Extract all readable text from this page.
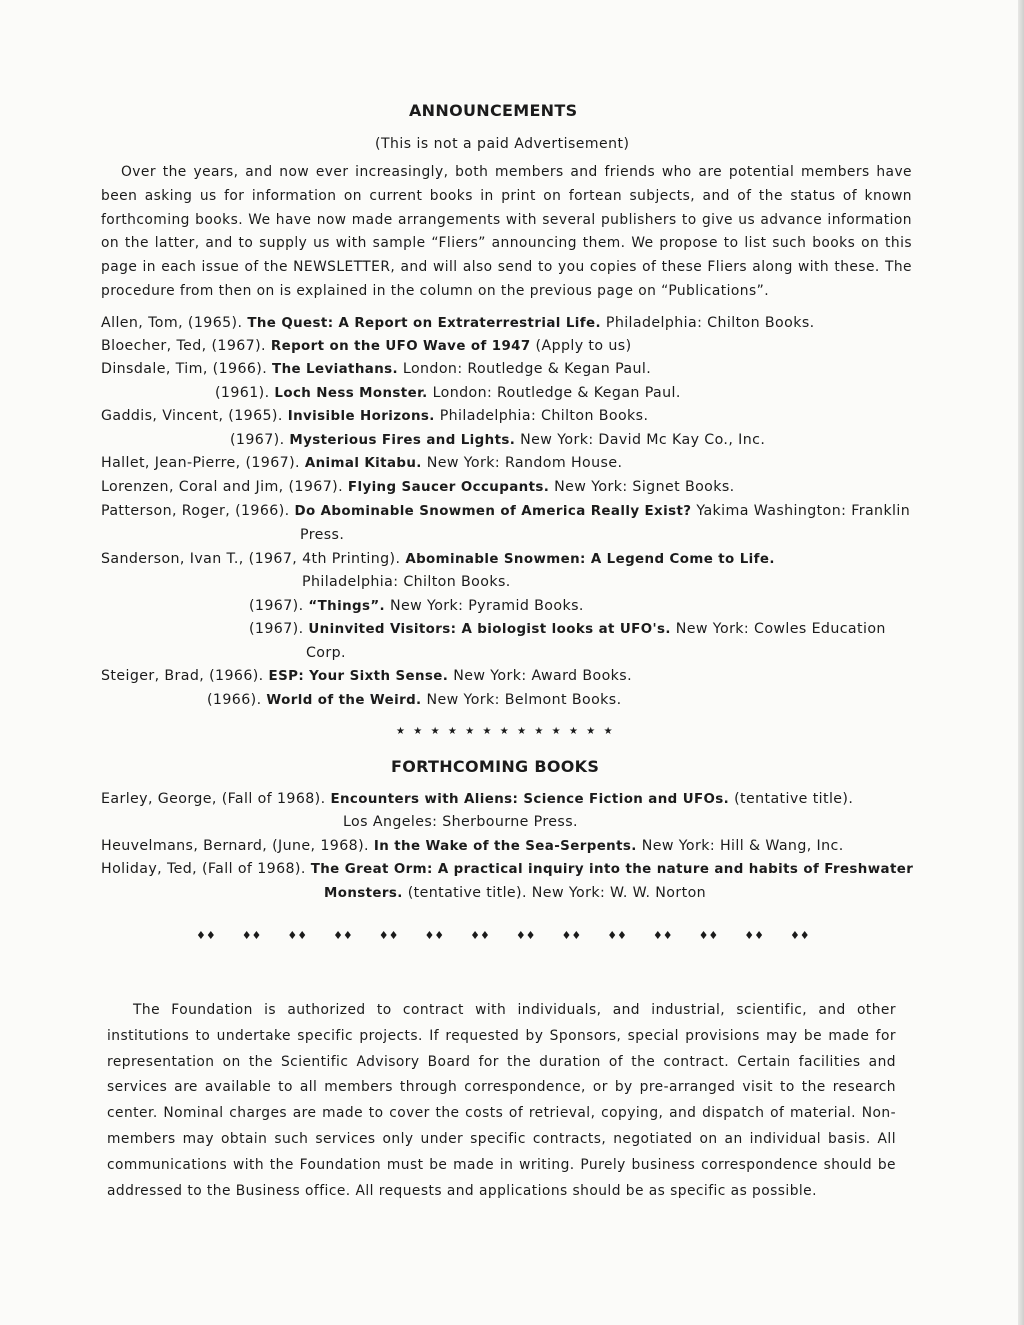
ANNOUNCEMENTS

(This is not a paid Advertisement)

Over the years, and now ever increasingly, both members and friends who are potential members have been asking us for information on current books in print on fortean subjects, and of the status of known forthcoming books. We have now made arrangements with several publishers to give us advance information on the latter, and to supply us with sample “Fliers” announcing them. We propose to list such books on this page in each issue of the NEWSLETTER, and will also send to you copies of these Fliers along with these. The procedure from then on is explained in the column on the previous page on “Publications”.

Allen, Tom, (1965). The Quest: A Report on Extraterrestrial Life. Philadelphia: Chilton Books.

Bloecher, Ted, (1967). Report on the UFO Wave of 1947 (Apply to us)

Dinsdale, Tim, (1966). The Leviathans. London: Routledge & Kegan Paul.

(1961). Loch Ness Monster. London: Routledge & Kegan Paul.

Gaddis, Vincent, (1965). Invisible Horizons. Philadelphia: Chilton Books.

(1967). Mysterious Fires and Lights. New York: David Mc Kay Co., Inc.

Hallet, Jean-Pierre, (1967). Animal Kitabu. New York: Random House.

Lorenzen, Coral and Jim, (1967). Flying Saucer Occupants. New York: Signet Books.

Patterson, Roger, (1966). Do Abominable Snowmen of America Really Exist? Yakima Washington: Franklin

Press.

Sanderson, Ivan T., (1967, 4th Printing). Abominable Snowmen: A Legend Come to Life.

Philadelphia: Chilton Books.

(1967). “Things”. New York: Pyramid Books.

(1967). Uninvited Visitors: A biologist looks at UFO's. New York: Cowles Education

Corp.

Steiger, Brad, (1966). ESP: Your Sixth Sense. New York: Award Books.

(1966). World of the Weird. New York: Belmont Books.

★ ★ ★ ★ ★ ★ ★ ★ ★ ★ ★ ★ ★

FORTHCOMING BOOKS

Earley, George, (Fall of 1968). Encounters with Aliens: Science Fiction and UFOs. (tentative title).

Los Angeles: Sherbourne Press.

Heuvelmans, Bernard, (June, 1968). In the Wake of the Sea-Serpents. New York: Hill & Wang, Inc.

Holiday, Ted, (Fall of 1968). The Great Orm: A practical inquiry into the nature and habits of Freshwater

Monsters. (tentative title). New York: W. W. Norton

♦♦ ♦♦ ♦♦ ♦♦ ♦♦ ♦♦ ♦♦ ♦♦ ♦♦ ♦♦ ♦♦ ♦♦ ♦♦ ♦♦

The Foundation is authorized to contract with individuals, and industrial, scientific, and other institutions to undertake specific projects. If requested by Sponsors, special provisions may be made for representation on the Scientific Advisory Board for the duration of the contract. Certain facilities and services are available to all members through correspondence, or by pre-arranged visit to the research center. Nominal charges are made to cover the costs of retrieval, copying, and dispatch of material. Non-members may obtain such services only under specific contracts, negotiated on an individual basis. All communications with the Foundation must be made in writing. Purely business correspondence should be addressed to the Business office. All requests and applications should be as specific as possible.
